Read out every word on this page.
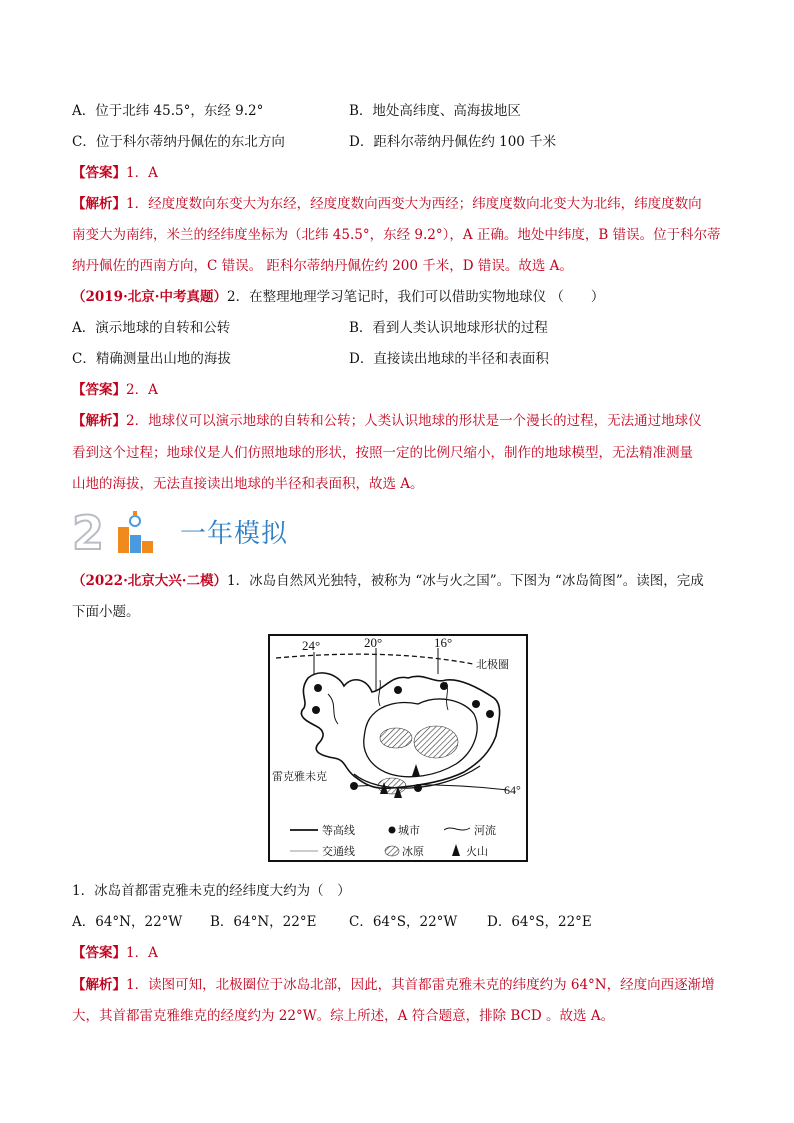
A．位于北纬 45.5°，东经 9.2°	B．地处高纬度、高海拔地区
C．位于科尔蒂纳丹佩佐的东北方向	D．距科尔蒂纳丹佩佐约 100 千米
【答案】1．A
【解析】1．经度度数向东变大为东经，经度度数向西变大为西经；纬度度数向北变大为北纬，纬度度数向
南变大为南纬，米兰的经纬度坐标为（北纬 45.5°，东经 9.2°），A 正确。地处中纬度，B 错误。位于科尔蒂
纳丹佩佐的西南方向，C 错误。 距科尔蒂纳丹佩佐约 200 千米，D 错误。故选 A。
（2019·北京·中考真题）2．在整理地理学习笔记时，我们可以借助实物地球仪 （　　）
A．演示地球的自转和公转	B．看到人类认识地球形状的过程
C．精确测量出山地的海拔	D．直接读出地球的半径和表面积
【答案】2．A
【解析】2．地球仪可以演示地球的自转和公转；人类认识地球的形状是一个漫长的过程，无法通过地球仪
看到这个过程；地球仪是人们仿照地球的形状，按照一定的比例尺缩小，制作的地球模型，无法精准测量
山地的海拔，无法直接读出地球的半径和表面积，故选 A。
2	一年模拟
（2022·北京大兴·二模）1．冰岛自然风光独特，被称为 “冰与火之国”。下图为 “冰岛简图”。读图，完成
下面小题。
24°	20°	16°
北极圈
64°
雷克雅未克
等高线	城市	河流
交通线	冰原	火山
1．冰岛首都雷克雅未克的经纬度大约为（　）
A．64°N，22°W B．64°N，22°E C．64°S，22°W D．64°S，22°E
【答案】1．A
【解析】1．读图可知，北极圈位于冰岛北部，因此，其首都雷克雅未克的纬度约为 64°N，经度向西逐渐增
大，其首都雷克雅维克的经度约为 22°W。综上所述，A 符合题意，排除 BCD 。故选 A。
